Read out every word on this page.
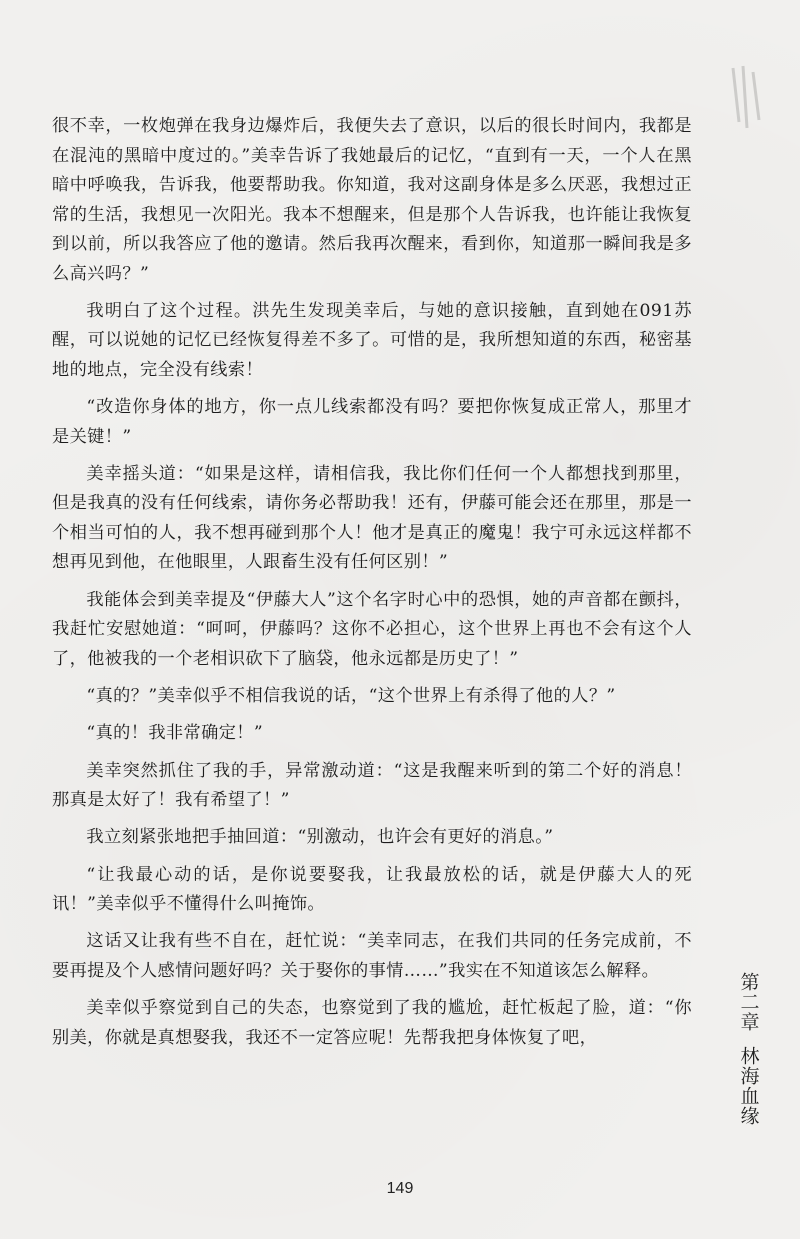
很不幸，一枚炮弹在我身边爆炸后，我便失去了意识，以后的很长时间内，我都是在混沌的黑暗中度过的。”美幸告诉了我她最后的记忆，“直到有一天，一个人在黑暗中呼唤我，告诉我，他要帮助我。你知道，我对这副身体是多么厌恶，我想过正常的生活，我想见一次阳光。我本不想醒来，但是那个人告诉我，也许能让我恢复到以前，所以我答应了他的邀请。然后我再次醒来，看到你，知道那一瞬间我是多么高兴吗？”

我明白了这个过程。洪先生发现美幸后，与她的意识接触，直到她在091苏醒，可以说她的记忆已经恢复得差不多了。可惜的是，我所想知道的东西，秘密基地的地点，完全没有线索！

“改造你身体的地方，你一点儿线索都没有吗？要把你恢复成正常人，那里才是关键！”

美幸摇头道：“如果是这样，请相信我，我比你们任何一个人都想找到那里，但是我真的没有任何线索，请你务必帮助我！还有，伊藤可能会还在那里，那是一个相当可怕的人，我不想再碰到那个人！他才是真正的魔鬼！我宁可永远这样都不想再见到他，在他眼里，人跟畜生没有任何区别！”

我能体会到美幸提及“伊藤大人”这个名字时心中的恐惧，她的声音都在颤抖，我赶忙安慰她道：“呵呵，伊藤吗？这你不必担心，这个世界上再也不会有这个人了，他被我的一个老相识砍下了脑袋，他永远都是历史了！”

“真的？”美幸似乎不相信我说的话，“这个世界上有杀得了他的人？”

“真的！我非常确定！”

美幸突然抓住了我的手，异常激动道：“这是我醒来听到的第二个好的消息！那真是太好了！我有希望了！”

我立刻紧张地把手抽回道：“别激动，也许会有更好的消息。”

“让我最心动的话，是你说要娶我，让我最放松的话，就是伊藤大人的死讯！”美幸似乎不懂得什么叫掩饰。

这话又让我有些不自在，赶忙说：“美幸同志，在我们共同的任务完成前，不要再提及个人感情问题好吗？关于娶你的事情……”我实在不知道该怎么解释。

美幸似乎察觉到自己的失态，也察觉到了我的尴尬，赶忙板起了脸，道：“你别美，你就是真想娶我，我还不一定答应呢！先帮我把身体恢复了吧，

第二章
林海血缘
149
